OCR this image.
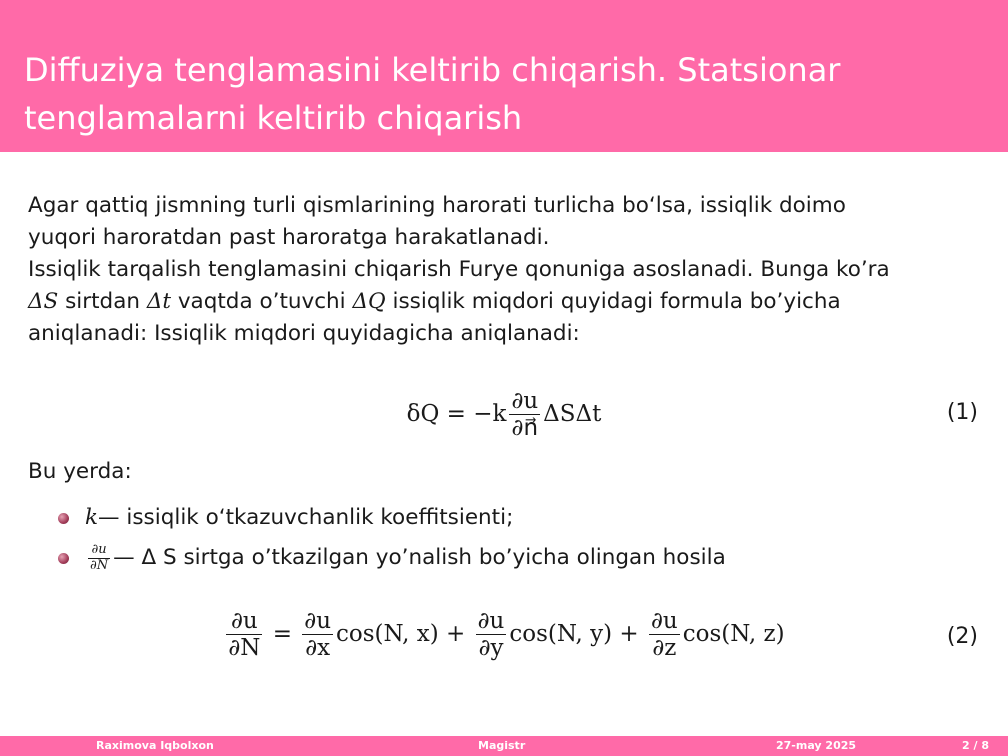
Diffuziya tenglamasini keltirib chiqarish. Statsionar
tenglamalarni keltirib chiqarish

Agar qattiq jismning turli qismlarining harorati turlicha bo‘lsa, issiqlik doimo
yuqori haroratdan past haroratga harakatlanadi.

Issiqlik tarqalish tenglamasini chiqarish Furye qonuniga asoslanadi. Bunga ko’ra
ΔS sirtdan Δt vaqtda o’tuvchi ΔQ issiqlik miqdori quyidagi formula bo’yicha
aniqlanadi: Issiqlik miqdori quyidagicha aniqlanadi:

$\delta Q = -k \frac{\partial u}{\partial n⃗}$ ΔSΔt	(1)
Bu yerda:
k — issiqlik o‘tkazuvchanlik koeffitsienti;
$\frac{\partial u}{\partial N}$ — Δ S sirtga o’tkazilgan yo’nalish bo’yicha olingan hosila
$\frac{\partial u}{\partial N} = \frac{\partial u}{\partial x} \cos(N$, $x) + \frac{\partial u}{\partial y} \cos(N$, $y) + \frac{\partial u}{\partial z} \cos(N$, z)	(2)
Raximova Iqbolxon	Magistr	27-may 2025	2 / 8
